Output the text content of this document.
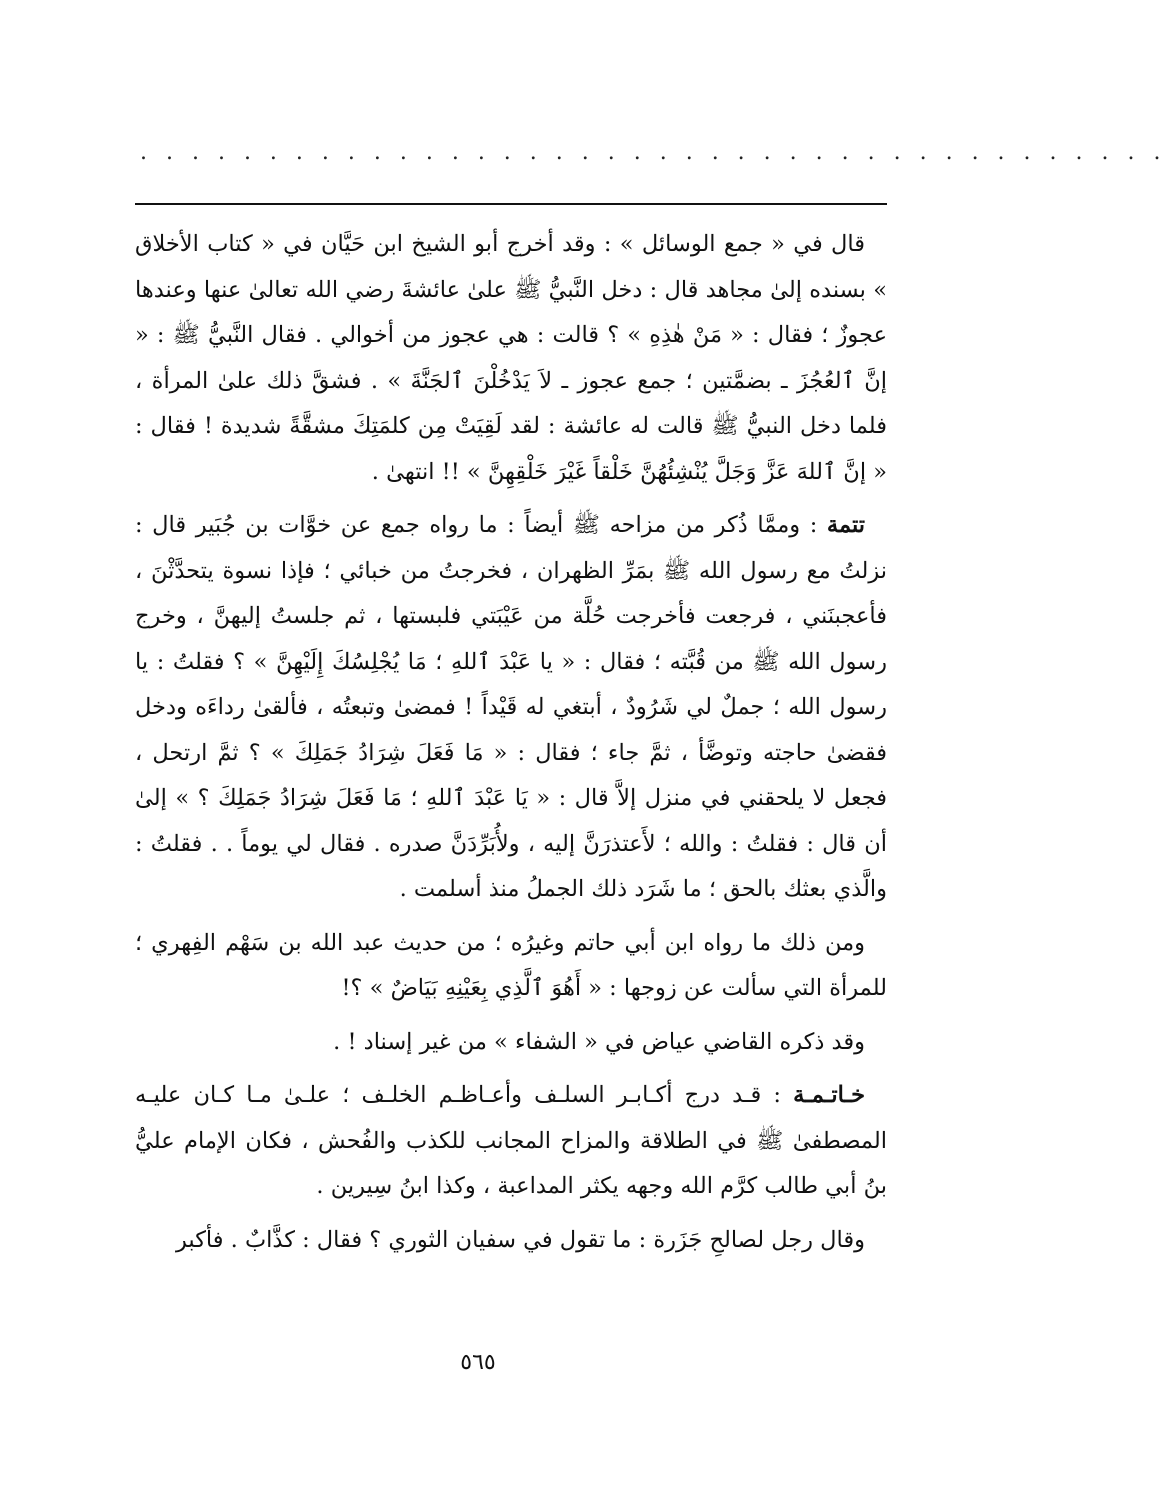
. . . . . . . . . . . . . . . . . . . . . . . . . . . . . . . . . . . . . . . .

قال في « جمع الوسائل » : وقد أخرج أبو الشيخ ابن حَيَّان في « كتاب الأخلاق » بسنده إلىٰ مجاهد قال : دخل النَّبيُّ ﷺ علىٰ عائشةَ رضي الله تعالىٰ عنها وعندها عجوزٌ ؛ فقال : « مَنْ هٰذِهِ » ؟ قالت : هي عجوز من أخوالي . فقال النَّبيُّ ﷺ : « إنَّ ٱلعُجُزَ ـ بضمَّتين ؛ جمع عجوز ـ لاَ يَدْخُلْنَ ٱلجَنَّةَ » . فشقَّ ذلك علىٰ المرأة ، فلما دخل النبيُّ ﷺ قالت له عائشة : لقد لَقِيَتْ مِن كلمَتِكَ مشقَّةً شديدة ! فقال : « إنَّ ٱللهَ عَزَّ وَجَلَّ يُنْشِئُهُنَّ خَلْقاً غَيْرَ خَلْقِهِنَّ » !! انتهىٰ .

تتمة : وممَّا ذُكر من مزاحه ﷺ أيضاً : ما رواه جمع عن خوَّات بن جُبَير قال : نزلتُ مع رسول الله ﷺ بمَرِّ الظهران ، فخرجتُ من خبائي ؛ فإذا نسوة يتحدَّثْنَ ، فأعجبنَني ، فرجعت فأخرجت حُلَّة من عَيْبَتي فلبستها ، ثم جلستُ إليهنَّ ، وخرج رسول الله ﷺ من قُبَّته ؛ فقال : « يا عَبْدَ ٱللهِ ؛ مَا يُجْلِسُكَ إِلَيْهِنَّ » ؟ فقلتُ : يا رسول الله ؛ جملٌ لي شَرُودٌ ، أبتغي له قَيْداً ! فمضىٰ وتبعتُه ، فألقىٰ رداءَه ودخل فقضىٰ حاجته وتوضَّأ ، ثمَّ جاء ؛ فقال : « مَا فَعَلَ شِرَادُ جَمَلِكَ » ؟ ثمَّ ارتحل ، فجعل لا يلحقني في منزل إلاَّ قال : « يَا عَبْدَ ٱللهِ ؛ مَا فَعَلَ شِرَادُ جَمَلِكَ ؟ » إلىٰ أن قال : فقلتُ : والله ؛ لأَعتذرَنَّ إليه ، ولأُبَرِّدَنَّ صدره . فقال لي يوماً . . فقلتُ : والَّذي بعثك بالحق ؛ ما شَرَد ذلك الجملُ منذ أسلمت .

ومن ذلك ما رواه ابن أبي حاتم وغيرُه ؛ من حديث عبد الله بن سَهْم الفِهري ؛ للمرأة التي سألت عن زوجها : « أَهُوَ ٱلَّذِي بِعَيْنِهِ بَيَاضٌ » ؟!

وقد ذكره القاضي عياض في « الشفاء » من غير إسناد ! .

خـاتـمـة : قـد درج أكـابـر السلـف وأعـاظـم الخلـف ؛ علـىٰ مـا كـان عليـه المصطفىٰ ﷺ في الطلاقة والمزاح المجانب للكذب والفُحش ، فكان الإمام عليُّ بنُ أبي طالب كرَّم الله وجهه يكثر المداعبة ، وكذا ابنُ سِيرين .

وقال رجل لصالحِ جَزَرة : ما تقول في سفيان الثوري ؟ فقال : كذَّابٌ . فأكبر

٥٦٥
